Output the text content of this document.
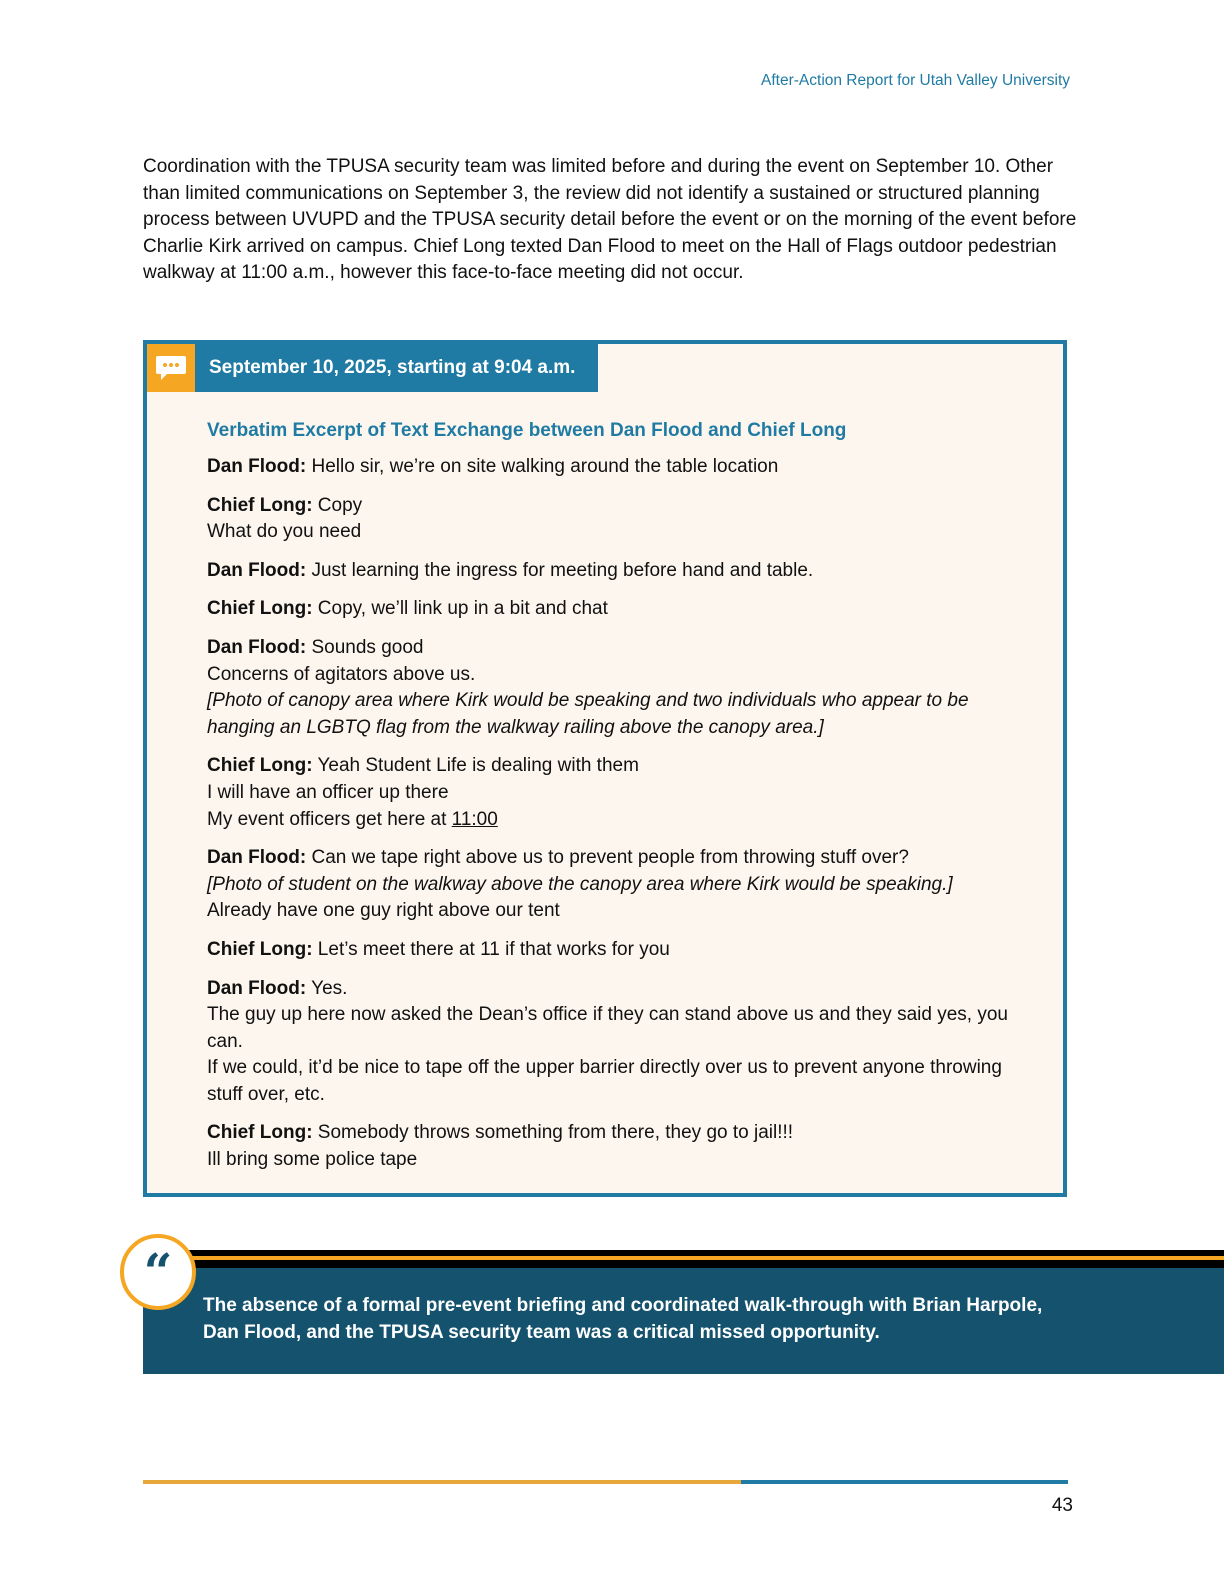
After-Action Report for Utah Valley University

Coordination with the TPUSA security team was limited before and during the event on September 10. Other than limited communications on September 3, the review did not identify a sustained or structured planning process between UVUPD and the TPUSA security detail before the event or on the morning of the event before Charlie Kirk arrived on campus. Chief Long texted Dan Flood to meet on the Hall of Flags outdoor pedestrian walkway at 11:00 a.m., however this face-to-face meeting did not occur.

September 10, 2025, starting at 9:04 a.m.
Verbatim Excerpt of Text Exchange between Dan Flood and Chief Long
Dan Flood: Hello sir, we’re on site walking around the table location
Chief Long: Copy
What do you need
Dan Flood: Just learning the ingress for meeting before hand and table.
Chief Long: Copy, we’ll link up in a bit and chat
Dan Flood: Sounds good
Concerns of agitators above us.
[Photo of canopy area where Kirk would be speaking and two individuals who appear to be hanging an LGBTQ flag from the walkway railing above the canopy area.]
Chief Long: Yeah Student Life is dealing with them
I will have an officer up there
My event officers get here at 11:00
Dan Flood: Can we tape right above us to prevent people from throwing stuff over?
[Photo of student on the walkway above the canopy area where Kirk would be speaking.]
Already have one guy right above our tent
Chief Long: Let’s meet there at 11 if that works for you
Dan Flood: Yes.
The guy up here now asked the Dean’s office if they can stand above us and they said yes, you can.
If we could, it’d be nice to tape off the upper barrier directly over us to prevent anyone throwing stuff over, etc.
Chief Long: Somebody throws something from there, they go to jail!!!
Ill bring some police tape
“
The absence of a formal pre-event briefing and coordinated walk-through with Brian Harpole, Dan Flood, and the TPUSA security team was a critical missed opportunity.
43
